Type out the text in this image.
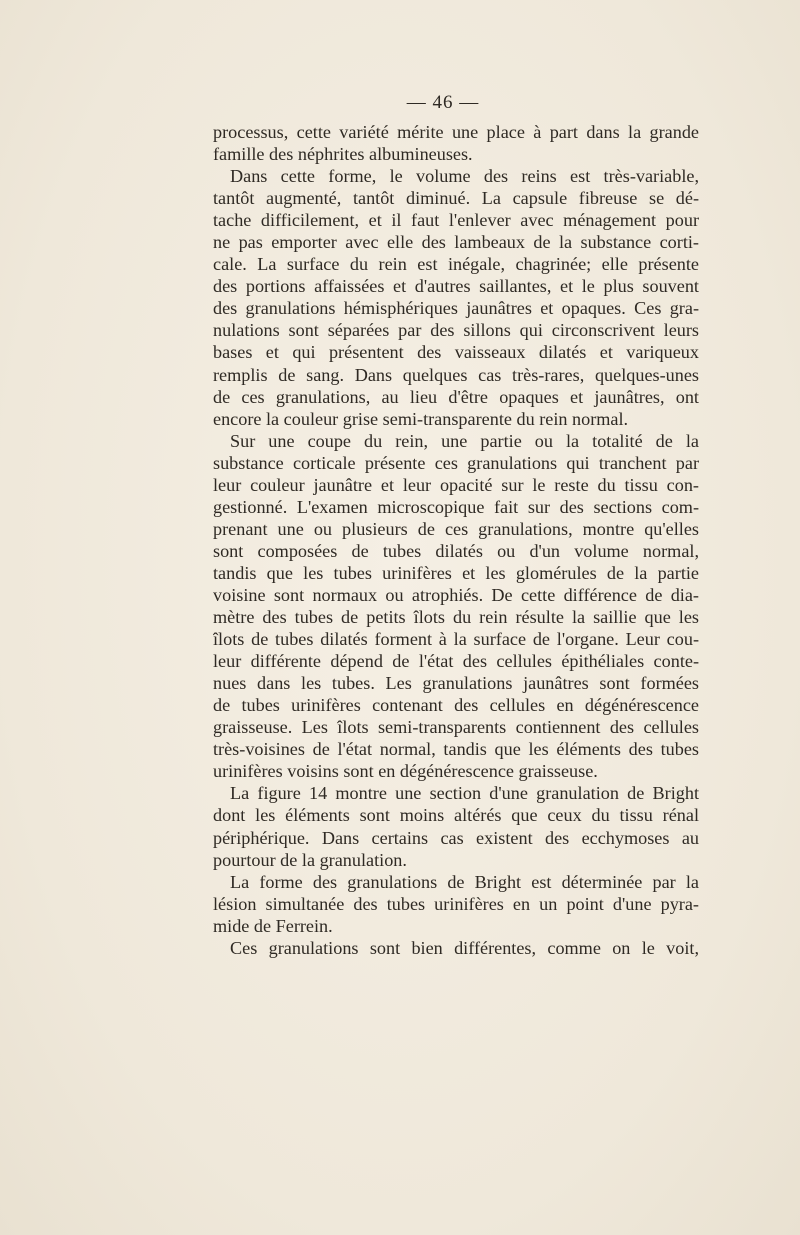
— 46 —
processus, cette variété mérite une place à part dans la grande
famille des néphrites albumineuses.
Dans cette forme, le volume des reins est très-variable,
tantôt augmenté, tantôt diminué. La capsule fibreuse se dé-
tache difficilement, et il faut l'enlever avec ménagement pour
ne pas emporter avec elle des lambeaux de la substance corti-
cale. La surface du rein est inégale, chagrinée; elle présente
des portions affaissées et d'autres saillantes, et le plus souvent
des granulations hémisphériques jaunâtres et opaques. Ces gra-
nulations sont séparées par des sillons qui circonscrivent leurs
bases et qui présentent des vaisseaux dilatés et variqueux
remplis de sang. Dans quelques cas très-rares, quelques-unes
de ces granulations, au lieu d'être opaques et jaunâtres, ont
encore la couleur grise semi-transparente du rein normal.
Sur une coupe du rein, une partie ou la totalité de la
substance corticale présente ces granulations qui tranchent par
leur couleur jaunâtre et leur opacité sur le reste du tissu con-
gestionné. L'examen microscopique fait sur des sections com-
prenant une ou plusieurs de ces granulations, montre qu'elles
sont composées de tubes dilatés ou d'un volume normal,
tandis que les tubes urinifères et les glomérules de la partie
voisine sont normaux ou atrophiés. De cette différence de dia-
mètre des tubes de petits îlots du rein résulte la saillie que les
îlots de tubes dilatés forment à la surface de l'organe. Leur cou-
leur différente dépend de l'état des cellules épithéliales conte-
nues dans les tubes. Les granulations jaunâtres sont formées
de tubes urinifères contenant des cellules en dégénérescence
graisseuse. Les îlots semi-transparents contiennent des cellules
très-voisines de l'état normal, tandis que les éléments des tubes
urinifères voisins sont en dégénérescence graisseuse.
La figure 14 montre une section d'une granulation de Bright
dont les éléments sont moins altérés que ceux du tissu rénal
périphérique. Dans certains cas existent des ecchymoses au
pourtour de la granulation.
La forme des granulations de Bright est déterminée par la
lésion simultanée des tubes urinifères en un point d'une pyra-
mide de Ferrein.
Ces granulations sont bien différentes, comme on le voit,
